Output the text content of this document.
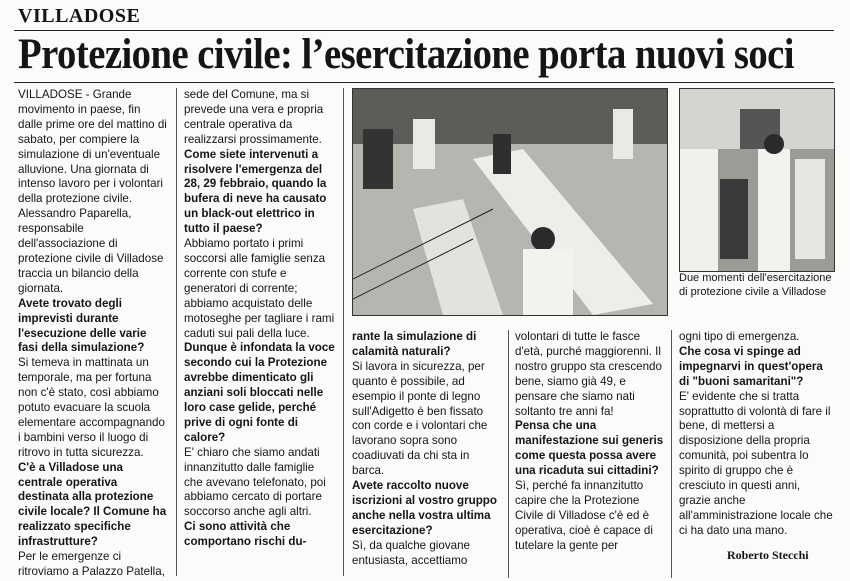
VILLADOSE
Protezione civile: l’esercitazione porta nuovi soci
VILLADOSE - Grande movimento in paese, fin dalle prime ore del mattino di sabato, per compiere la simulazione di un'eventuale alluvione. Una giornata di intenso lavoro per i volontari della protezione civile. Alessandro Paparella, responsabile dell'associazione di protezione civile di Villadose traccia un bilancio della giornata.
Avete trovato degli imprevisti durante l'esecuzione delle varie fasi della simulazione?
Si temeva in mattinata un temporale, ma per fortuna non c'è stato, così abbiamo potuto evacuare la scuola elementare accompagnando i bambini verso il luogo di ritrovo in tutta sicurezza.
C'è a Villadose una centrale operativa destinata alla protezione civile locale? Il Comune ha realizzato specifiche infrastrutture?
Per le emergenze ci ritroviamo a Palazzo Patella,
sede del Comune, ma si prevede una vera e propria centrale operativa da realizzarsi prossimamente.
Come siete intervenuti a risolvere l'emergenza del 28, 29 febbraio, quando la bufera di neve ha causato un black-out elettrico in tutto il paese?
Abbiamo portato i primi soccorsi alle famiglie senza corrente con stufe e generatori di corrente; abbiamo acquistato delle motoseghe per tagliare i rami caduti sui pali della luce.
Dunque è infondata la voce secondo cui la Protezione avrebbe dimenticato gli anziani soli bloccati nelle loro case gelide, perché prive di ogni fonte di calore?
E' chiaro che siamo andati innanzitutto dalle famiglie che avevano telefonato, poi abbiamo cercato di portare soccorso anche agli altri.
Ci sono attività che comportano rischi du-
Due momenti dell'esercitazione di protezione civile a Villadose
rante la simulazione di calamità naturali?
Si lavora in sicurezza, per quanto è possibile, ad esempio il ponte di legno sull'Adigetto è ben fissato con corde e i volontari che lavorano sopra sono coadiuvati da chi sta in barca.
Avete raccolto nuove iscrizioni al vostro gruppo anche nella vostra ultima esercitazione?
Sì, da qualche giovane entusiasta, accettiamo
volontari di tutte le fasce d'età, purché maggiorenni. Il nostro gruppo sta crescendo bene, siamo già 49, e pensare che siamo nati soltanto tre anni fa!
Pensa che una manifestazione sui generis come questa possa avere una ricaduta sui cittadini?
Sì, perché fa innanzitutto capire che la Protezione Civile di Villadose c'è ed è operativa, cioè è capace di tutelare la gente per
ogni tipo di emergenza.
Che cosa vi spinge ad impegnarvi in quest'opera di "buoni samaritani"?
E' evidente che si tratta soprattutto di volontà di fare il bene, di mettersi a disposizione della propria comunità, poi subentra lo spirito di gruppo che è cresciuto in questi anni, grazie anche all'amministrazione locale che ci ha dato una mano.
Roberto Stecchi
